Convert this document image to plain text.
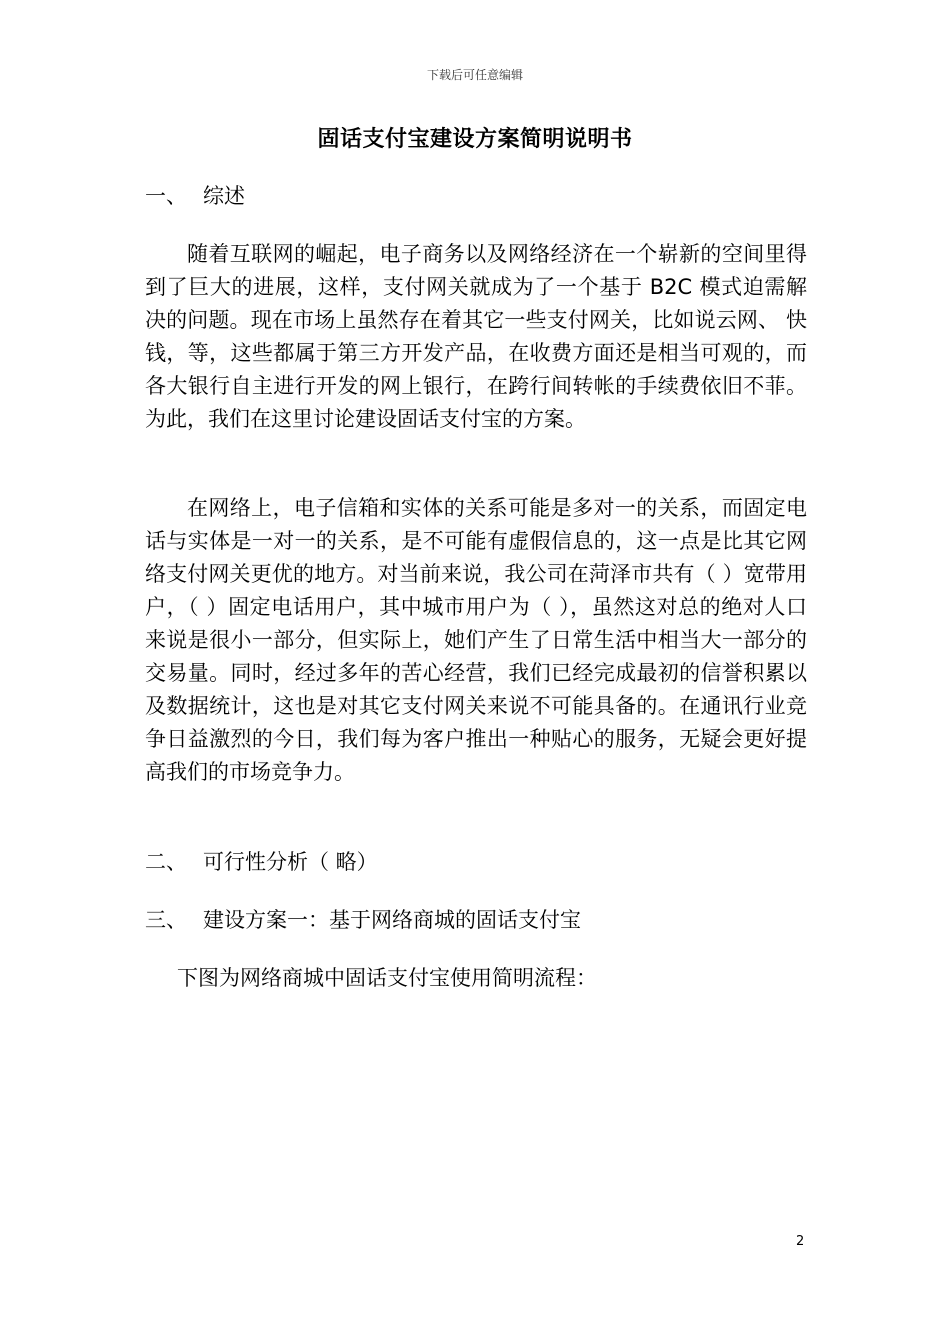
下载后可任意编辑
固话支付宝建设方案简明说明书
一、 综述

随着互联网的崛起，电子商务以及网络经济在一个崭新的空间里得到了巨大的进展，这样，支付网关就成为了一个基于 B2C 模式迫需解决的问题。现在市场上虽然存在着其它一些支付网关，比如说云网、 快钱，等，这些都属于第三方开发产品，在收费方面还是相当可观的，而各大银行自主进行开发的网上银行，在跨行间转帐的手续费依旧不菲。为此，我们在这里讨论建设固话支付宝的方案。

在网络上，电子信箱和实体的关系可能是多对一的关系，而固定电话与实体是一对一的关系，是不可能有虚假信息的，这一点是比其它网络支付网关更优的地方。对当前来说，我公司在菏泽市共有（ ）宽带用户，（ ）固定电话用户，其中城市用户为（ ），虽然这对总的绝对人口来说是很小一部分，但实际上，她们产生了日常生活中相当大一部分的交易量。同时，经过多年的苦心经营，我们已经完成最初的信誉积累以及数据统计，这也是对其它支付网关来说不可能具备的。在通讯行业竞争日益激烈的今日，我们每为客户推出一种贴心的服务，无疑会更好提高我们的市场竞争力。

二、 可行性分析（ 略）
三、 建设方案一：基于网络商城的固话支付宝

下图为网络商城中固话支付宝使用简明流程：

2
